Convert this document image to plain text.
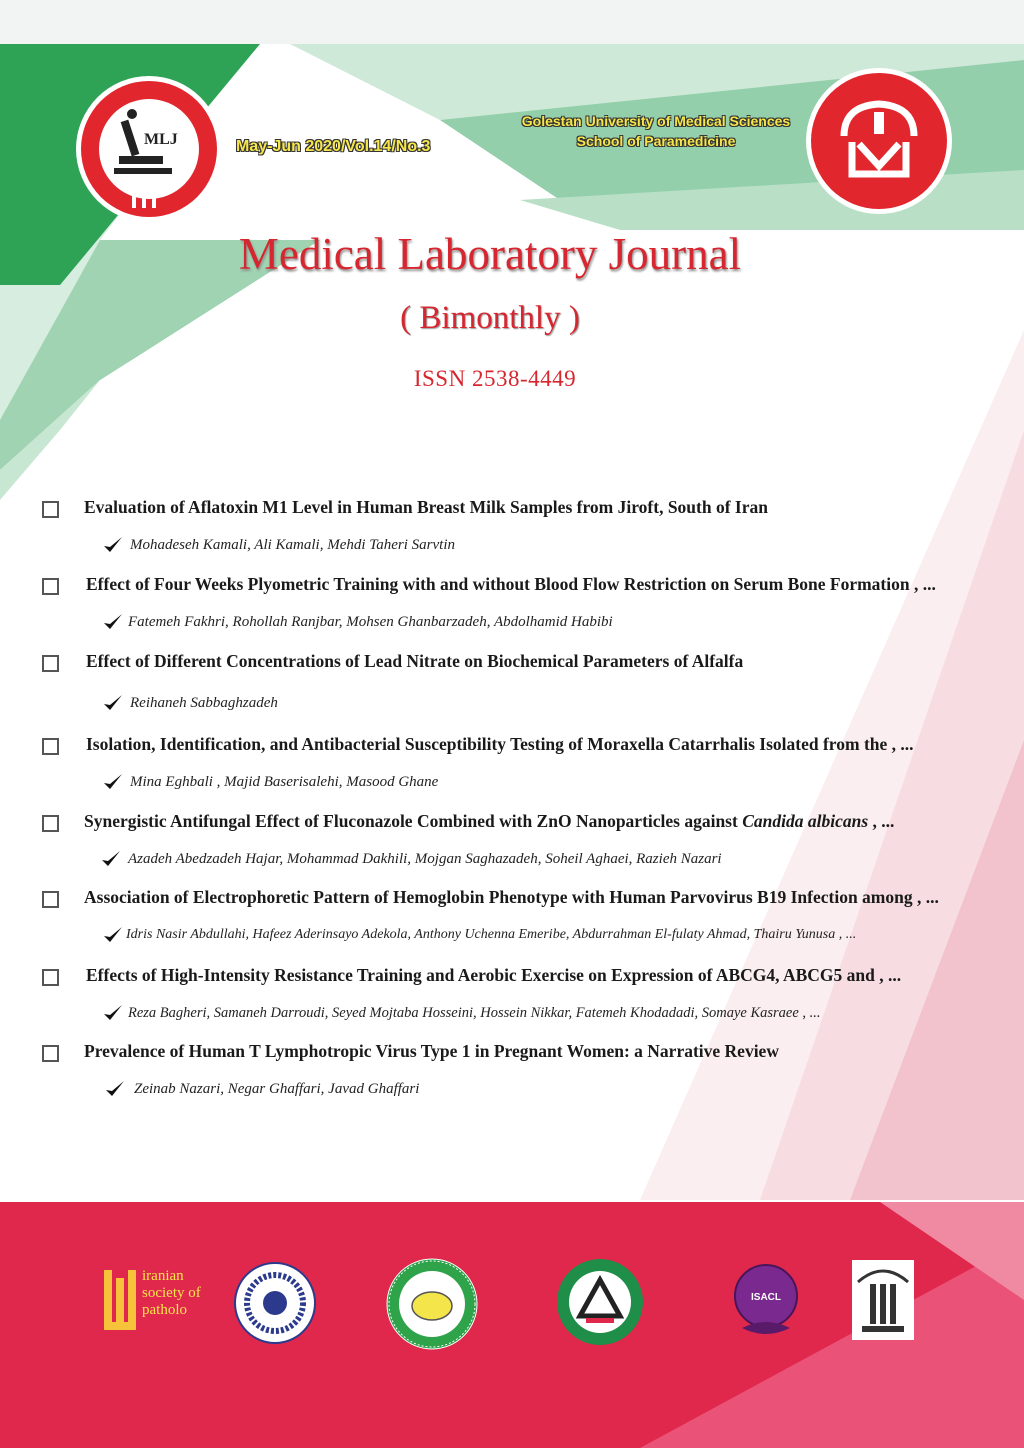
MLJ	May-Jun 2020/Vol.14/No.3
Golestan University of Medical Sciences
School of Paramedicine
Medical Laboratory Journal
( Bimonthly )
ISSN 2538-4449
Evaluation of Aflatoxin M1 Level in Human Breast Milk Samples from Jiroft, South of Iran
Mohadeseh Kamali, Ali Kamali, Mehdi Taheri Sarvtin
Effect of Four Weeks Plyometric Training with and without Blood Flow Restriction on Serum Bone Formation , ...
Fatemeh Fakhri, Rohollah Ranjbar, Mohsen Ghanbarzadeh, Abdolhamid Habibi
Effect of Different Concentrations of Lead Nitrate on Biochemical Parameters of Alfalfa
Reihaneh Sabbaghzadeh
Isolation, Identification, and Antibacterial Susceptibility Testing of Moraxella Catarrhalis Isolated from the , ...
Mina Eghbali , Majid Baserisalehi, Masood Ghane
Synergistic Antifungal Effect of Fluconazole Combined with ZnO Nanoparticles against Candida albicans , ...
Azadeh Abedzadeh Hajar, Mohammad Dakhili, Mojgan Saghazadeh, Soheil Aghaei, Razieh Nazari
Association of Electrophoretic Pattern of Hemoglobin Phenotype with Human Parvovirus B19 Infection among , ...
Idris Nasir Abdullahi, Hafeez Aderinsayo Adekola, Anthony Uchenna Emeribe, Abdurrahman El-fulaty Ahmad, Thairu Yunusa , ...
Effects of High-Intensity Resistance Training and Aerobic Exercise on Expression of ABCG4, ABCG5 and , ...
Reza Bagheri, Samaneh Darroudi, Seyed Mojtaba Hosseini, Hossein Nikkar, Fatemeh Khodadadi, Somaye Kasraee , ...
Prevalence of Human T Lymphotropic Virus Type 1 in Pregnant Women: a Narrative Review
Zeinab Nazari, Negar Ghaffari, Javad Ghaffari
iranian
society of
patholo
ISACL
